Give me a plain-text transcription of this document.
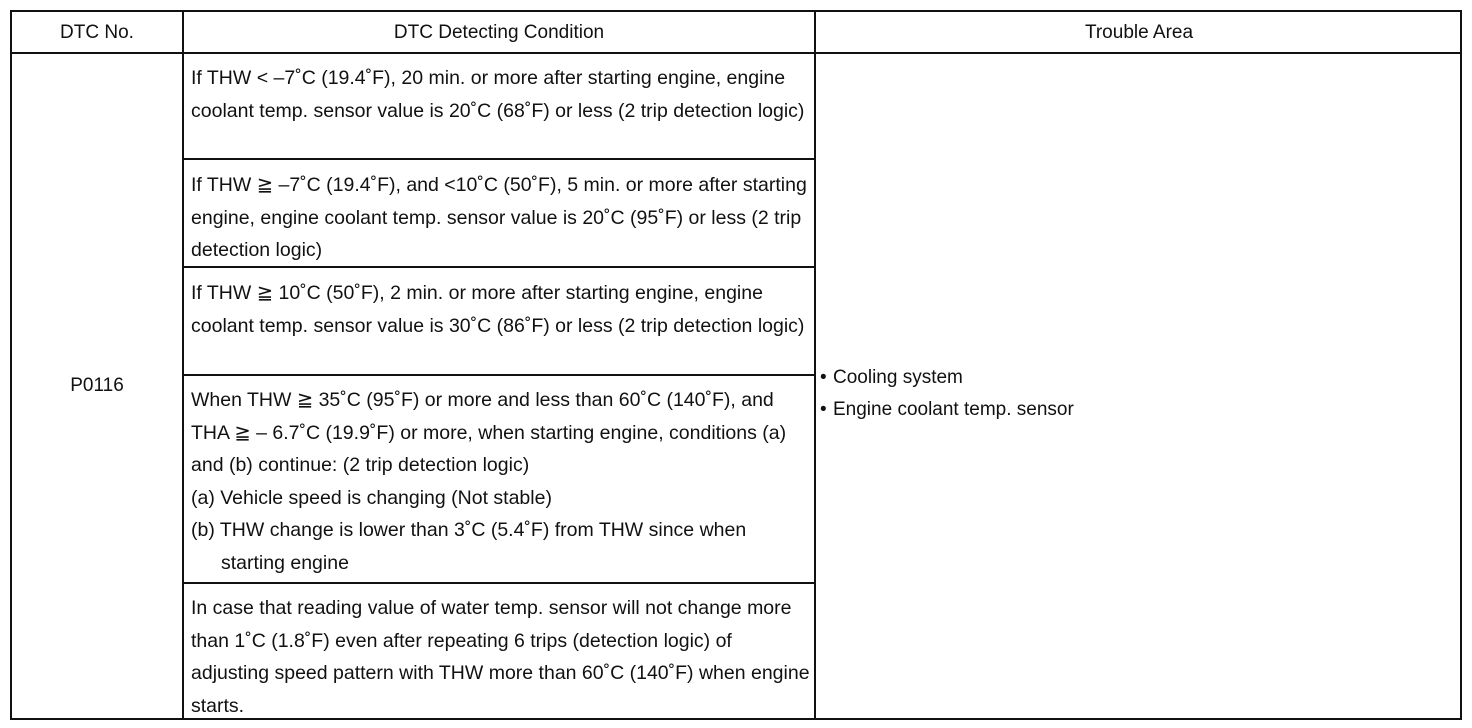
DTC No.	DTC Detecting Condition	Trouble Area
P0116

If THW < –7˚C (19.4˚F), 20 min. or more after starting engine, engine coolant temp. sensor value is 20˚C (68˚F) or less (2 trip detection logic)

If THW ≧ –7˚C (19.4˚F), and <10˚C (50˚F), 5 min. or more after starting engine, engine coolant temp. sensor value is 20˚C (95˚F) or less (2 trip detection logic)

If THW ≧ 10˚C (50˚F), 2 min. or more after starting engine, engine coolant temp. sensor value is 30˚C (86˚F) or less (2 trip detection logic)

When THW ≧ 35˚C (95˚F) or more and less than 60˚C (140˚F), and THA ≧ – 6.7˚C (19.9˚F) or more, when starting engine, conditions (a) and (b) continue: (2 trip detection logic)

(a) Vehicle speed is changing (Not stable)

(b) THW change is lower than 3˚C (5.4˚F) from THW since when starting engine

In case that reading value of water temp. sensor will not change more than 1˚C (1.8˚F) even after repeating 6 trips (detection logic) of adjusting speed pattern with THW more than 60˚C (140˚F) when engine starts.

• Cooling system
• Engine coolant temp. sensor
